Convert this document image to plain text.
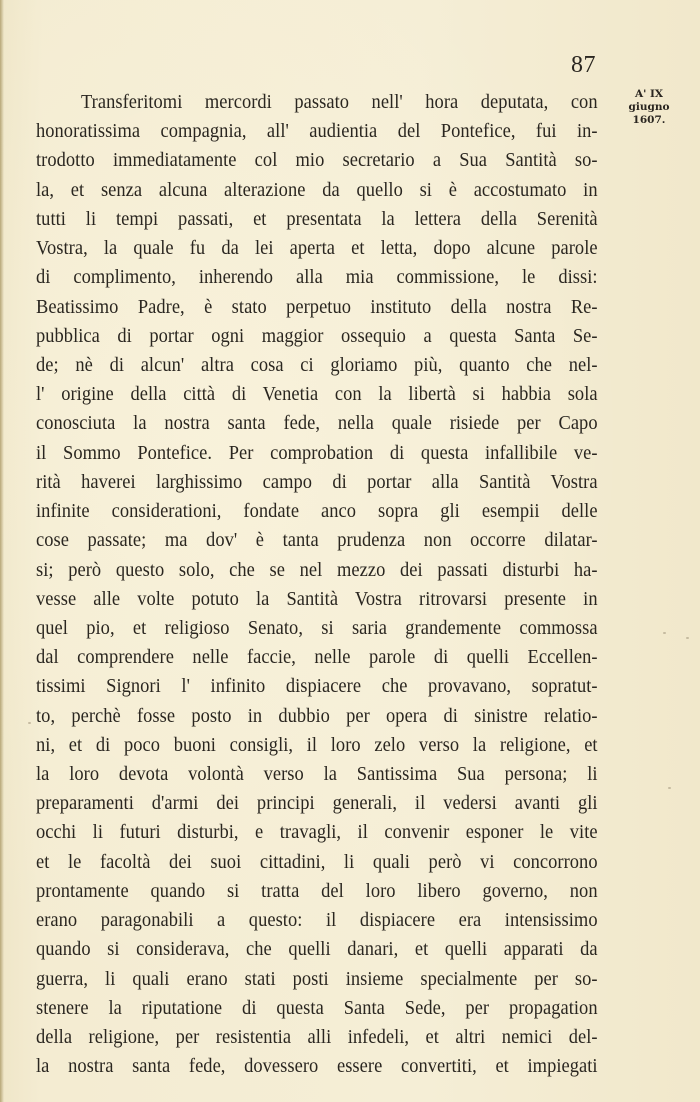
87
A' IX
giugno
1607.
Transferitomi mercordi passato nell' hora deputata, con
honoratissima compagnia, all' audientia del Pontefice, fui in-
trodotto immediatamente col mio secretario a Sua Santità so-
la, et senza alcuna alterazione da quello si è accostumato in
tutti li tempi passati, et presentata la lettera della Serenità
Vostra, la quale fu da lei aperta et letta, dopo alcune parole
di complimento, inherendo alla mia commissione, le dissi:
Beatissimo Padre, è stato perpetuo instituto della nostra Re-
pubblica di portar ogni maggior ossequio a questa Santa Se-
de; nè di alcun' altra cosa ci gloriamo più, quanto che nel-
l' origine della città di Venetia con la libertà si habbia sola
conosciuta la nostra santa fede, nella quale risiede per Capo
il Sommo Pontefice. Per comprobation di questa infallibile ve-
rità haverei larghissimo campo di portar alla Santità Vostra
infinite considerationi, fondate anco sopra gli esempii delle
cose passate; ma dov' è tanta prudenza non occorre dilatar-
si; però questo solo, che se nel mezzo dei passati disturbi ha-
vesse alle volte potuto la Santità Vostra ritrovarsi presente in
quel pio, et religioso Senato, si saria grandemente commossa
dal comprendere nelle faccie, nelle parole di quelli Eccellen-
tissimi Signori l' infinito dispiacere che provavano, sopratut-
to, perchè fosse posto in dubbio per opera di sinistre relatio-
ni, et di poco buoni consigli, il loro zelo verso la religione, et
la loro devota volontà verso la Santissima Sua persona; li
preparamenti d'armi dei principi generali, il vedersi avanti gli
occhi li futuri disturbi, e travagli, il convenir esponer le vite
et le facoltà dei suoi cittadini, li quali però vi concorrono
prontamente quando si tratta del loro libero governo, non
erano paragonabili a questo: il dispiacere era intensissimo
quando si considerava, che quelli danari, et quelli apparati da
guerra, li quali erano stati posti insieme specialmente per so-
stenere la riputatione di questa Santa Sede, per propagation
della religione, per resistentia alli infedeli, et altri nemici del-
la nostra santa fede, dovessero essere convertiti, et impiegati
